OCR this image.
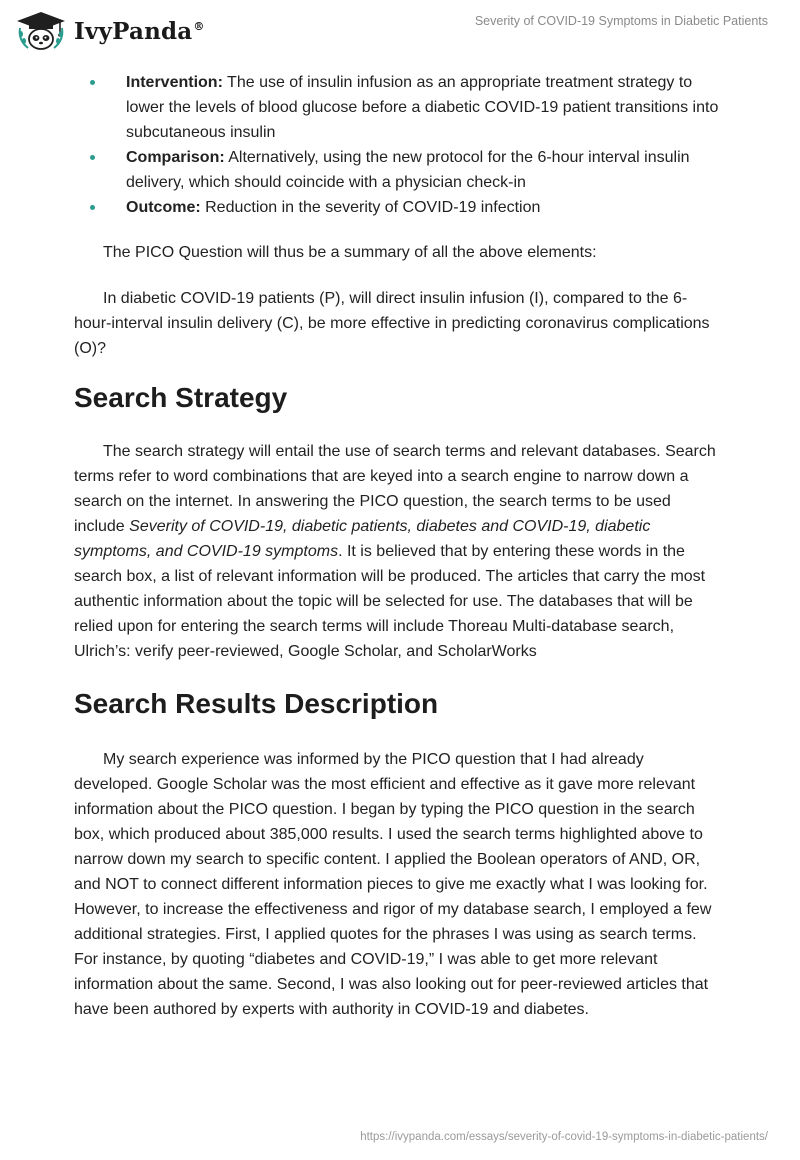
IvyPanda®	Severity of COVID-19 Symptoms in Diabetic Patients
Intervention: The use of insulin infusion as an appropriate treatment strategy to lower the levels of blood glucose before a diabetic COVID-19 patient transitions into subcutaneous insulin
Comparison: Alternatively, using the new protocol for the 6-hour interval insulin delivery, which should coincide with a physician check-in
Outcome: Reduction in the severity of COVID-19 infection

The PICO Question will thus be a summary of all the above elements:

In diabetic COVID-19 patients (P), will direct insulin infusion (I), compared to the 6-hour-interval insulin delivery (C), be more effective in predicting coronavirus complications (O)?

Search Strategy

The search strategy will entail the use of search terms and relevant databases. Search terms refer to word combinations that are keyed into a search engine to narrow down a search on the internet. In answering the PICO question, the search terms to be used include Severity of COVID-19, diabetic patients, diabetes and COVID-19, diabetic symptoms, and COVID-19 symptoms. It is believed that by entering these words in the search box, a list of relevant information will be produced. The articles that carry the most authentic information about the topic will be selected for use. The databases that will be relied upon for entering the search terms will include Thoreau Multi-database search, Ulrich’s: verify peer-reviewed, Google Scholar, and ScholarWorks

Search Results Description

My search experience was informed by the PICO question that I had already developed. Google Scholar was the most efficient and effective as it gave more relevant information about the PICO question. I began by typing the PICO question in the search box, which produced about 385,000 results. I used the search terms highlighted above to narrow down my search to specific content. I applied the Boolean operators of AND, OR, and NOT to connect different information pieces to give me exactly what I was looking for. However, to increase the effectiveness and rigor of my database search, I employed a few additional strategies. First, I applied quotes for the phrases I was using as search terms. For instance, by quoting “diabetes and COVID-19,” I was able to get more relevant information about the same. Second, I was also looking out for peer-reviewed articles that have been authored by experts with authority in COVID-19 and diabetes.

https://ivypanda.com/essays/severity-of-covid-19-symptoms-in-diabetic-patients/
